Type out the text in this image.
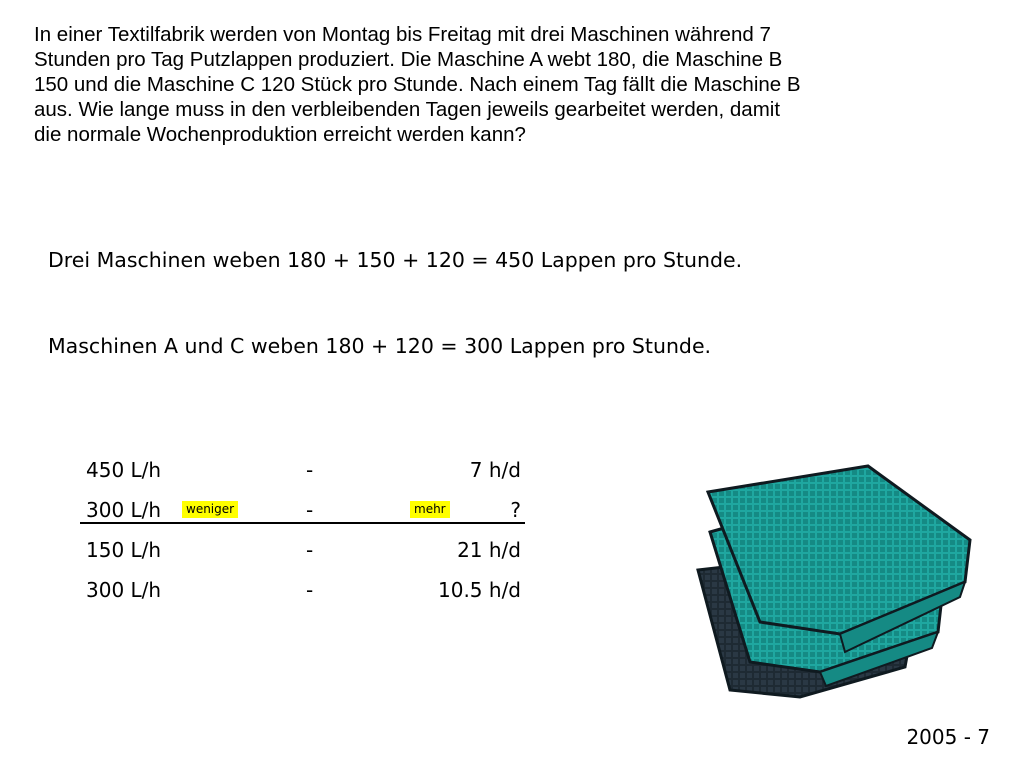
In einer Textilfabrik werden von Montag bis Freitag mit drei Maschinen während 7
Stunden pro Tag Putzlappen produziert. Die Maschine A webt 180, die Maschine B
150 und die Maschine C 120 Stück pro Stunde. Nach einem Tag fällt die Maschine B
aus. Wie lange muss in den verbleibenden Tagen jeweils gearbeitet werden, damit
die normale Wochenproduktion erreicht werden kann?
Drei Maschinen weben 180 + 150 + 120 = 450 Lappen pro Stunde.
Maschinen A und C weben 180 + 120 = 300 Lappen pro Stunde.
450 L/h	-	7 h/d
300 L/h	weniger	-	mehr	?
150 L/h	-	21 h/d
300 L/h	-	10.5 h/d
2005 - 7
